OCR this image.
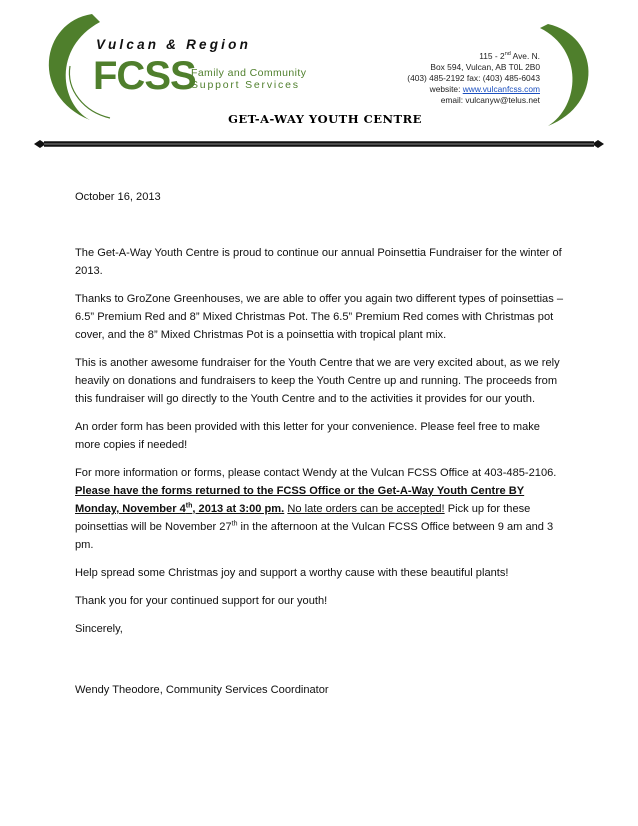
Vulcan & Region
FCSS
Family and Community
Support Services
115 - 2nd Ave. N.
Box 594, Vulcan, AB T0L 2B0
(403) 485-2192 fax: (403) 485-6043
website: www.vulcanfcss.com
email: vulcanyw@telus.net
GET-A-WAY YOUTH CENTRE

October 16, 2013

The Get-A-Way Youth Centre is proud to continue our annual Poinsettia Fundraiser for the winter of 2013.

Thanks to GroZone Greenhouses, we are able to offer you again two different types of poinsettias – 6.5” Premium Red and 8” Mixed Christmas Pot. The 6.5” Premium Red comes with Christmas pot cover, and the 8” Mixed Christmas Pot is a poinsettia with tropical plant mix.

This is another awesome fundraiser for the Youth Centre that we are very excited about, as we rely heavily on donations and fundraisers to keep the Youth Centre up and running. The proceeds from this fundraiser will go directly to the Youth Centre and to the activities it provides for our youth.

An order form has been provided with this letter for your convenience. Please feel free to make more copies if needed!

For more information or forms, please contact Wendy at the Vulcan FCSS Office at 403-485-2106. Please have the forms returned to the FCSS Office or the Get-A-Way Youth Centre BY Monday, November 4th, 2013 at 3:00 pm. No late orders can be accepted! Pick up for these poinsettias will be November 27th in the afternoon at the Vulcan FCSS Office between 9 am and 3 pm.

Help spread some Christmas joy and support a worthy cause with these beautiful plants!

Thank you for your continued support for our youth!

Sincerely,

Wendy Theodore, Community Services Coordinator
